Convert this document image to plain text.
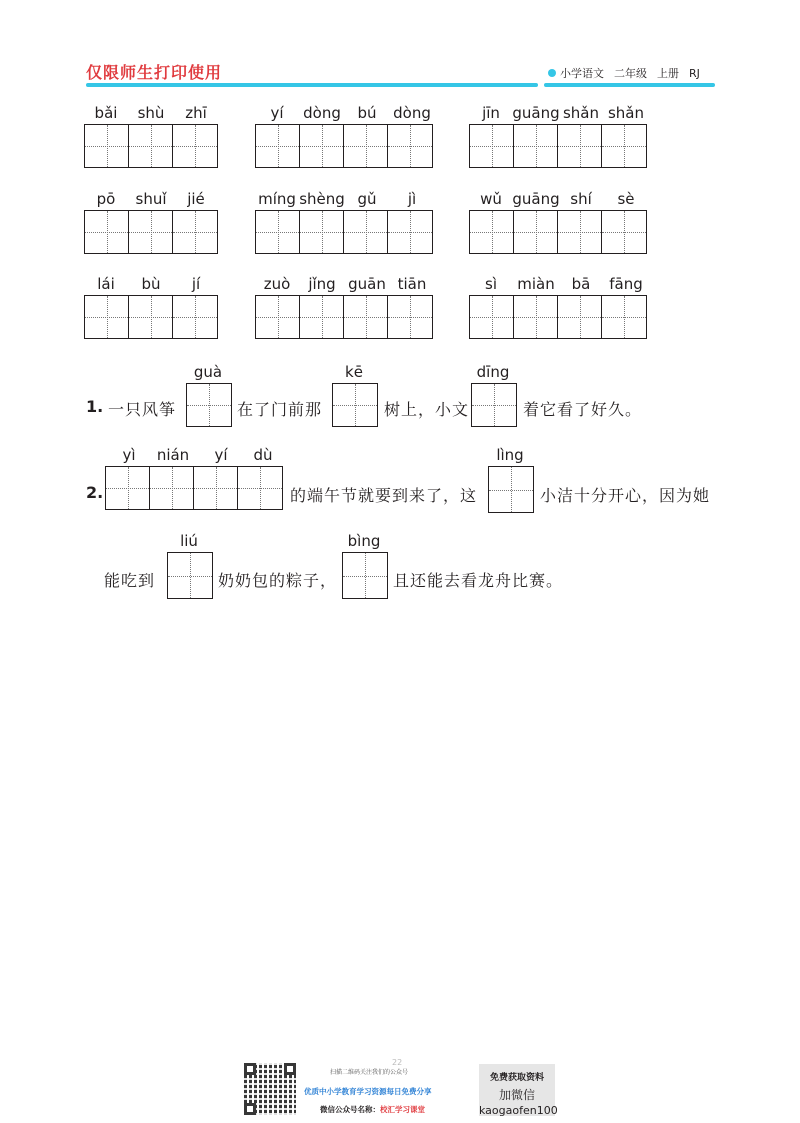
仅限师生打印使用	小学语文 二年级 上册 RJ
bǎi shù zhī	yí dòng bú dòng	jīn guāng shǎn shǎn
pō shuǐ jié	míng shèng gǔ jì	wǔ guāng shí sè
lái bù jí	zuò jǐng guān tiān	sì miàn bā fāng
1. 一只风筝
guà
在了门前那
kē
树上，小文
dīng
着它看了好久。
2.
yì nián yí dù
的端午节就要到来了，这
lìng
小洁十分开心，因为她
能吃到
liú
奶奶包的粽子，
bìng
且还能去看龙舟比赛。
22
扫描二维码关注我们的公众号
优质中小学教育学习资源每日免费分享
微信公众号名称：校汇学习课堂
免费获取资料
加微信
kaogaofen100
